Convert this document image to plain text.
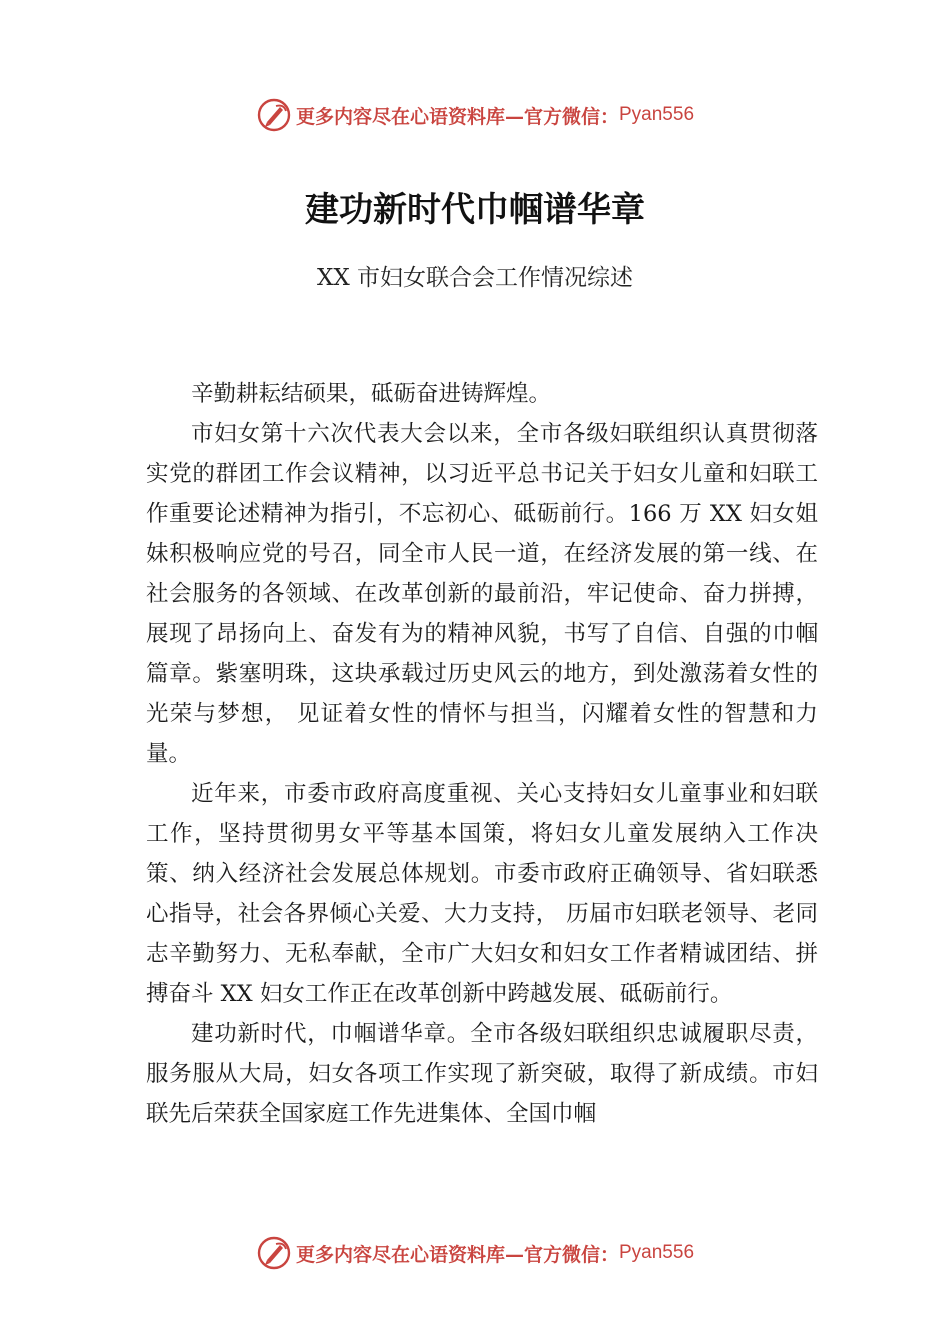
更多内容尽在心语资料库—官方微信： Pyan556
建功新时代巾帼谱华章
XX 市妇女联合会工作情况综述

辛勤耕耘结硕果，砥砺奋进铸辉煌。

市妇女第十六次代表大会以来，全市各级妇联组织认真贯彻落实党的群团工作会议精神，以习近平总书记关于妇女儿童和妇联工作重要论述精神为指引，不忘初心、砥砺前行。166 万 XX 妇女姐妹积极响应党的号召，同全市人民一道，在经济发展的第一线、在社会服务的各领域、在改革创新的最前沿，牢记使命、奋力拼搏，展现了昂扬向上、奋发有为的精神风貌，书写了自信、自强的巾帼篇章。紫塞明珠，这块承载过历史风云的地方，到处激荡着女性的光荣与梦想， 见证着女性的情怀与担当，闪耀着女性的智慧和力量。

近年来，市委市政府高度重视、关心支持妇女儿童事业和妇联工作，坚持贯彻男女平等基本国策，将妇女儿童发展纳入工作决策、纳入经济社会发展总体规划。市委市政府正确领导、省妇联悉心指导，社会各界倾心关爱、大力支持， 历届市妇联老领导、老同志辛勤努力、无私奉献，全市广大妇女和妇女工作者精诚团结、拼搏奋斗 XX 妇女工作正在改革创新中跨越发展、砥砺前行。

建功新时代，巾帼谱华章。全市各级妇联组织忠诚履职尽责，服务服从大局，妇女各项工作实现了新突破，取得了新成绩。市妇联先后荣获全国家庭工作先进集体、全国巾帼

更多内容尽在心语资料库—官方微信： Pyan556
